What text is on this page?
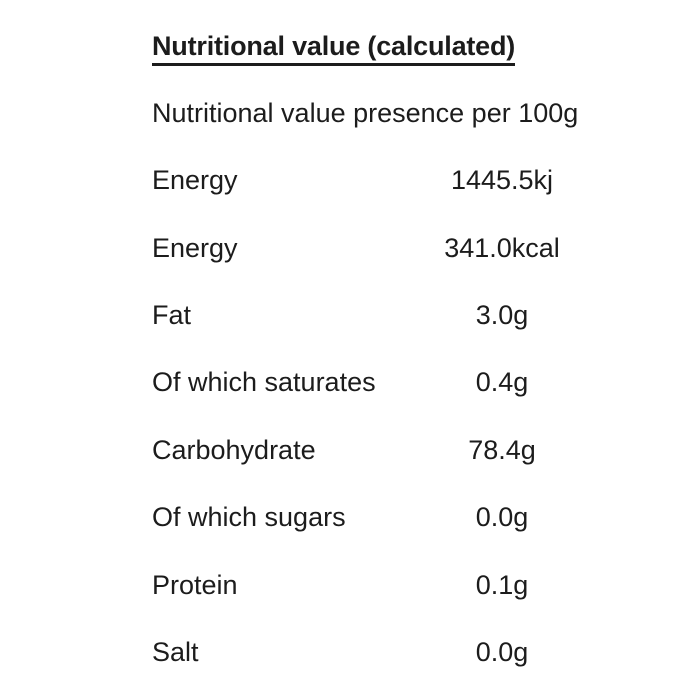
Nutritional value (calculated)
Nutritional value presence per 100g
Energy	1445.5kj
Energy	341.0kcal
Fat	3.0g
Of which saturates	0.4g
Carbohydrate	78.4g
Of which sugars	0.0g
Protein	0.1g
Salt	0.0g
